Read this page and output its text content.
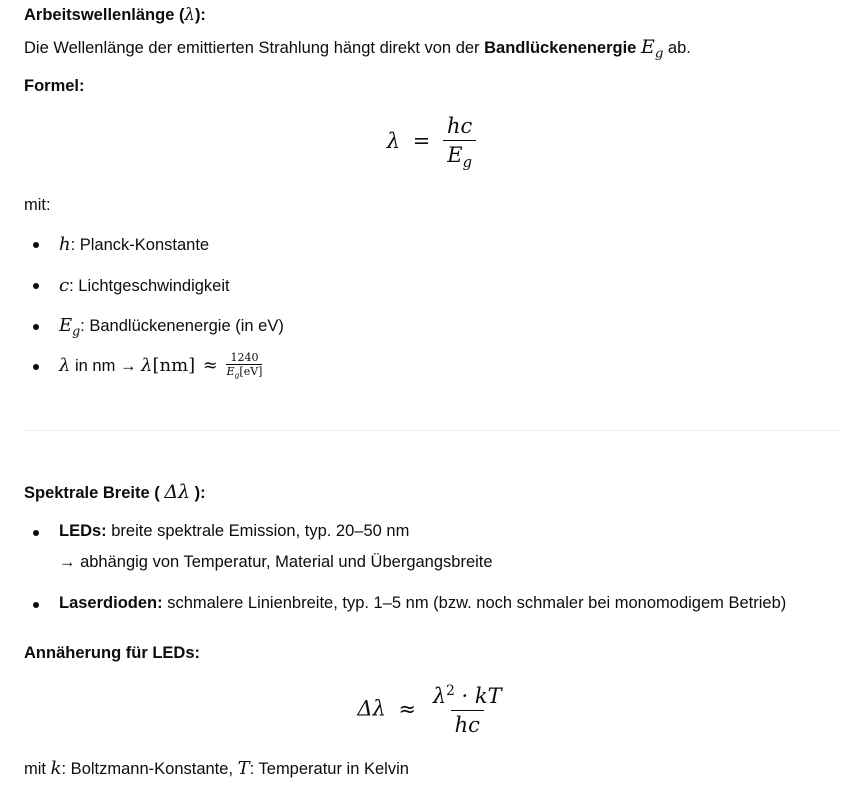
Arbeitswellenlänge (λ):
Die Wellenlänge der emittierten Strahlung hängt direkt von der Bandlückenenergie $E_g$ ab.
Formel:
$\lambda = \frac{hc}{E_g}$
mit:
h: Planck-Konstante
c: Lichtgeschwindigkeit
$E_g$: Bandlückenenergie (in eV)
λ in nm → $\lambda[nm] \approx \frac{1240}{E_g[eV]}$
Spektrale Breite ( Δλ ):
LEDs: breite spektrale Emission, typ. 20–50 nm
→ abhängig von Temperatur, Material und Übergangsbreite
Laserdioden: schmalere Linienbreite, typ. 1–5 nm (bzw. noch schmaler bei monomodigem Betrieb)
Annäherung für LEDs:
$\Delta\lambda \approx \frac{\lambda^2 \cdot kT}{hc}$
mit k: Boltzmann-Konstante, T: Temperatur in Kelvin
